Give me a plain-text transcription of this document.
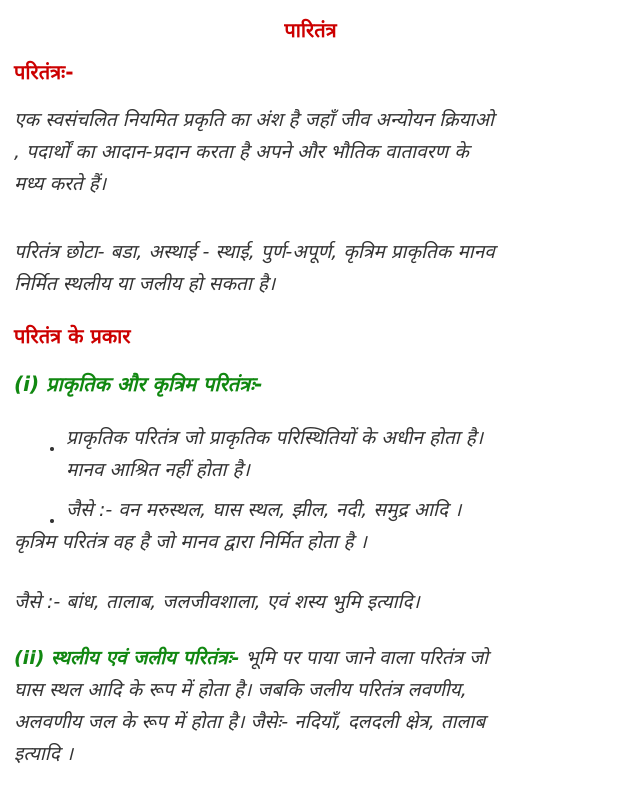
पारितंत्र
परितंत्रः-
एक स्वसंचलित नियमित प्रकृति का अंश है जहाँ जीव अन्योयन क्रियाओ
, पदार्थों का आदान-प्रदान करता है अपने और भौतिक वातावरण के
मध्य करते हैं।
परितंत्र छोटा- बडा, अस्थाई - स्थाई, पुर्ण-अपूर्ण, कृत्रिम प्राकृतिक मानव
निर्मित स्थलीय या जलीय हो सकता है।
परितंत्र के प्रकार
(i) प्राकृतिक और कृत्रिम परितंत्रः-
प्राकृतिक परितंत्र जो प्राकृतिक परिस्थितियों के अधीन होता है।
मानव आश्रित नहीं होता है।
जैसे :- वन मरुस्थल, घास स्थल, झील, नदी, समुद्र आदि ।
कृत्रिम परितंत्र वह है जो मानव द्वारा निर्मित होता है ।
जैसे :- बांध, तालाब, जलजीवशाला, एवं शस्य भुमि इत्यादि।
(ii) स्थलीय एवं जलीय परितंत्रः- भूमि पर पाया जाने वाला परितंत्र जो
घास स्थल आदि के रूप में होता है। जबकि जलीय परितंत्र लवणीय,
अलवणीय जल के रूप में होता है। जैसेः- नदियाँ, दलदली क्षेत्र, तालाब
इत्यादि ।
